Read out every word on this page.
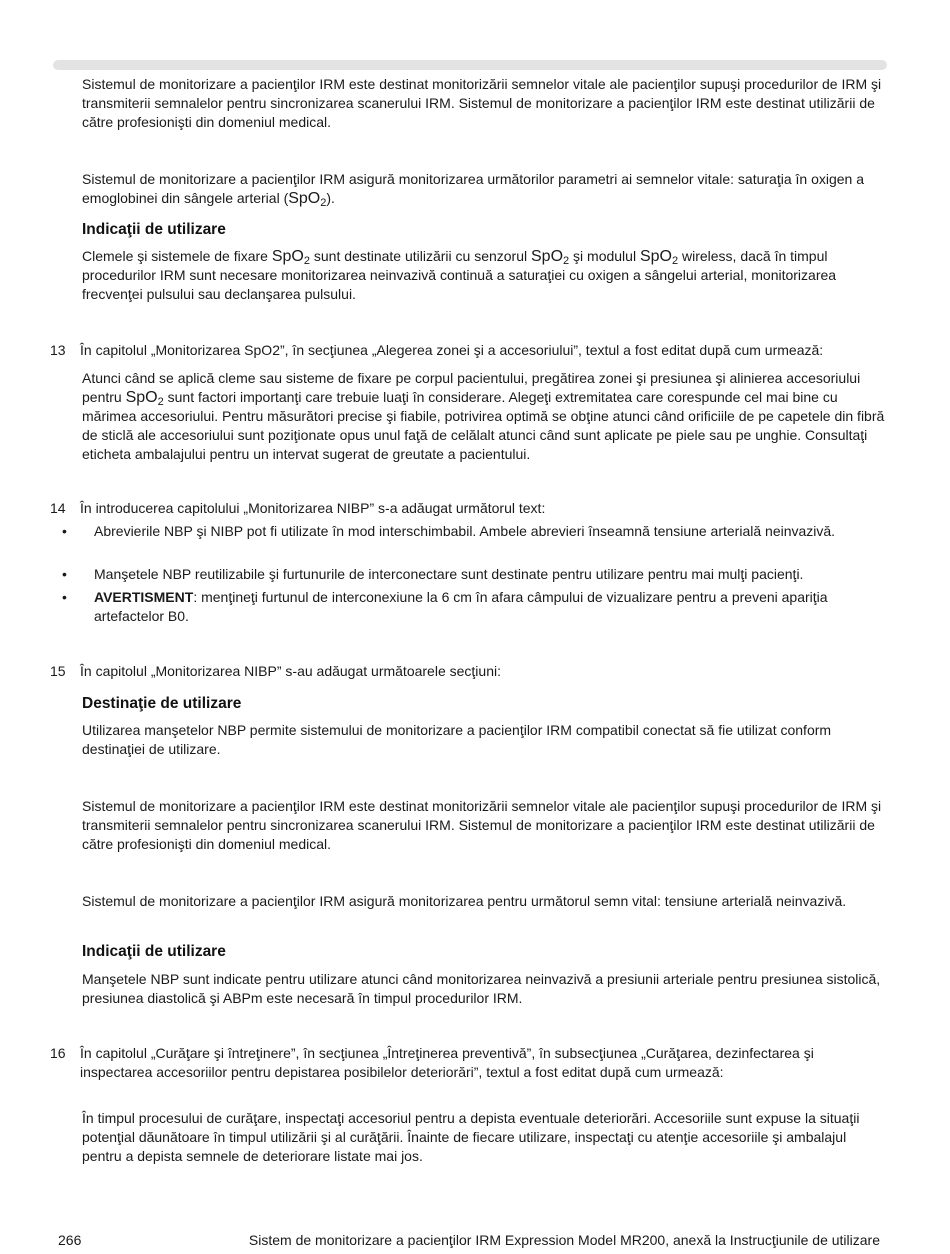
Sistemul de monitorizare a pacienţilor IRM este destinat monitorizării semnelor vitale ale pacienţilor supuşi procedurilor de IRM şi transmiterii semnalelor pentru sincronizarea scanerului IRM. Sistemul de monitorizare a pacienţilor IRM este destinat utilizării de către profesionişti din domeniul medical.

Sistemul de monitorizare a pacienţilor IRM asigură monitorizarea următorilor parametri ai semnelor vitale: saturaţia în oxigen a emoglobinei din sângele arterial (SpO$_2$).

Indicaţii de utilizare

Clemele şi sistemele de fixare SpO$_2$ sunt destinate utilizării cu senzorul SpO$_2$ şi modulul SpO$_2$ wireless, dacă în timpul procedurilor IRM sunt necesare monitorizarea neinvazivă continuă a saturaţiei cu oxigen a sângelui arterial, monitorizarea frecvenţei pulsului sau declanşarea pulsului.

13 În capitolul „Monitorizarea SpO2”, în secţiunea „Alegerea zonei şi a accesoriului”, textul a fost editat după cum urmează:

Atunci când se aplică cleme sau sisteme de fixare pe corpul pacientului, pregătirea zonei şi presiunea şi alinierea accesoriului pentru SpO$_2$ sunt factori importanţi care trebuie luaţi în considerare. Alegeţi extremitatea care corespunde cel mai bine cu mărimea accesoriului. Pentru măsurători precise şi fiabile, potrivirea optimă se obţine atunci când orificiile de pe capetele din fibră de sticlă ale accesoriului sunt poziţionate opus unul faţă de celălalt atunci când sunt aplicate pe piele sau pe unghie. Consultaţi eticheta ambalajului pentru un intervat sugerat de greutate a pacientului.

14 În introducerea capitolului „Monitorizarea NIBP” s-a adăugat următorul text:

• Abrevierile NBP şi NIBP pot fi utilizate în mod interschimbabil. Ambele abrevieri înseamnă tensiune arterială neinvazivă.

• Manşetele NBP reutilizabile şi furtunurile de interconectare sunt destinate pentru utilizare pentru mai mulţi pacienţi.

• AVERTISMENT: menţineţi furtunul de interconexiune la 6 cm în afara câmpului de vizualizare pentru a preveni apariţia artefactelor B0.

15 În capitolul „Monitorizarea NIBP” s-au adăugat următoarele secţiuni:

Destinaţie de utilizare

Utilizarea manşetelor NBP permite sistemului de monitorizare a pacienţilor IRM compatibil conectat să fie utilizat conform destinaţiei de utilizare.

Sistemul de monitorizare a pacienţilor IRM este destinat monitorizării semnelor vitale ale pacienţilor supuşi procedurilor de IRM şi transmiterii semnalelor pentru sincronizarea scanerului IRM. Sistemul de monitorizare a pacienţilor IRM este destinat utilizării de către profesionişti din domeniul medical.

Sistemul de monitorizare a pacienţilor IRM asigură monitorizarea pentru următorul semn vital: tensiune arterială neinvazivă.

Indicaţii de utilizare

Manşetele NBP sunt indicate pentru utilizare atunci când monitorizarea neinvazivă a presiunii arteriale pentru presiunea sistolică, presiunea diastolică şi ABPm este necesară în timpul procedurilor IRM.

16 În capitolul „Curăţare şi întreţinere”, în secţiunea „Întreţinerea preventivă”, în subsecţiunea „Curăţarea, dezinfectarea şi inspectarea accesoriilor pentru depistarea posibilelor deteriorări”, textul a fost editat după cum urmează:

În timpul procesului de curăţare, inspectaţi accesoriul pentru a depista eventuale deteriorări. Accesoriile sunt expuse la situaţii potenţial dăunătoare în timpul utilizării şi al curăţării. Înainte de fiecare utilizare, inspectaţi cu atenţie accesoriile şi ambalajul pentru a depista semnele de deteriorare listate mai jos.

266	Sistem de monitorizare a pacienţilor IRM Expression Model MR200, anexă la Instrucţiunile de utilizare
